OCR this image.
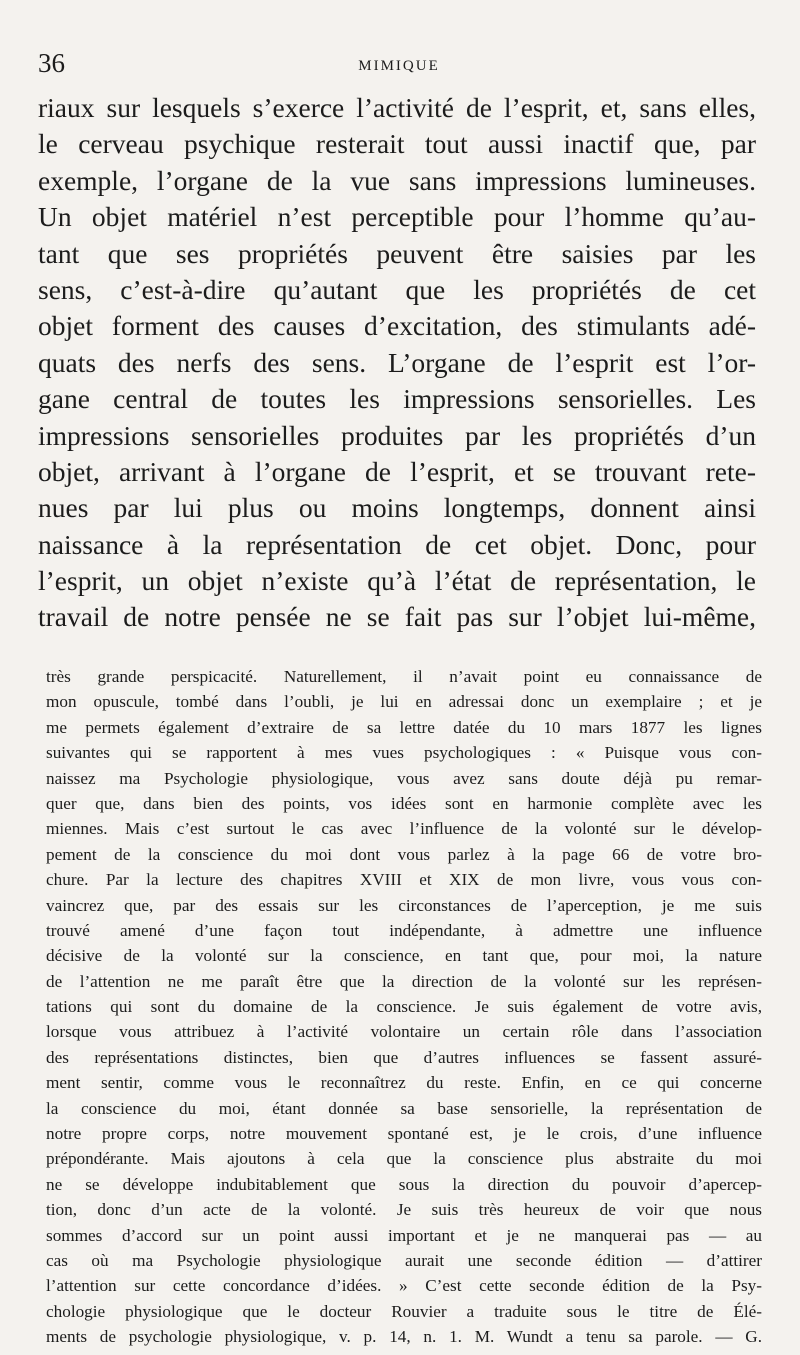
36	MIMIQUE
riaux sur lesquels s’exerce l’activité de l’esprit, et, sans elles,
le cerveau psychique resterait tout aussi inactif que, par
exemple, l’organe de la vue sans impressions lumineuses.
Un objet matériel n’est perceptible pour l’homme qu’au-
tant que ses propriétés peuvent être saisies par les
sens, c’est-à-dire qu’autant que les propriétés de cet
objet forment des causes d’excitation, des stimulants adé-
quats des nerfs des sens. L’organe de l’esprit est l’or-
gane central de toutes les impressions sensorielles. Les
impressions sensorielles produites par les propriétés d’un
objet, arrivant à l’organe de l’esprit, et se trouvant rete-
nues par lui plus ou moins longtemps, donnent ainsi
naissance à la représentation de cet objet. Donc, pour
l’esprit, un objet n’existe qu’à l’état de représentation, le
travail de notre pensée ne se fait pas sur l’objet lui-même,
très grande perspicacité. Naturellement, il n’avait point eu connaissance de
mon opuscule, tombé dans l’oubli, je lui en adressai donc un exemplaire ; et je
me permets également d’extraire de sa lettre datée du 10 mars 1877 les lignes
suivantes qui se rapportent à mes vues psychologiques : « Puisque vous con-
naissez ma Psychologie physiologique, vous avez sans doute déjà pu remar-
quer que, dans bien des points, vos idées sont en harmonie complète avec les
miennes. Mais c’est surtout le cas avec l’influence de la volonté sur le dévelop-
pement de la conscience du moi dont vous parlez à la page 66 de votre bro-
chure. Par la lecture des chapitres XVIII et XIX de mon livre, vous vous con-
vaincrez que, par des essais sur les circonstances de l’aperception, je me suis
trouvé amené d’une façon tout indépendante, à admettre une influence
décisive de la volonté sur la conscience, en tant que, pour moi, la nature
de l’attention ne me paraît être que la direction de la volonté sur les représen-
tations qui sont du domaine de la conscience. Je suis également de votre avis,
lorsque vous attribuez à l’activité volontaire un certain rôle dans l’association
des représentations distinctes, bien que d’autres influences se fassent assuré-
ment sentir, comme vous le reconnaîtrez du reste. Enfin, en ce qui concerne
la conscience du moi, étant donnée sa base sensorielle, la représentation de
notre propre corps, notre mouvement spontané est, je le crois, d’une influence
prépondérante. Mais ajoutons à cela que la conscience plus abstraite du moi
ne se développe indubitablement que sous la direction du pouvoir d’apercep-
tion, donc d’un acte de la volonté. Je suis très heureux de voir que nous
sommes d’accord sur un point aussi important et je ne manquerai pas — au
cas où ma Psychologie physiologique aurait une seconde édition — d’attirer
l’attention sur cette concordance d’idées. » C’est cette seconde édition de la Psy-
chologie physiologique que le docteur Rouvier a traduite sous le titre de Élé-
ments de psychologie physiologique, v. p. 14, n. 1. M. Wundt a tenu sa parole. — G.
